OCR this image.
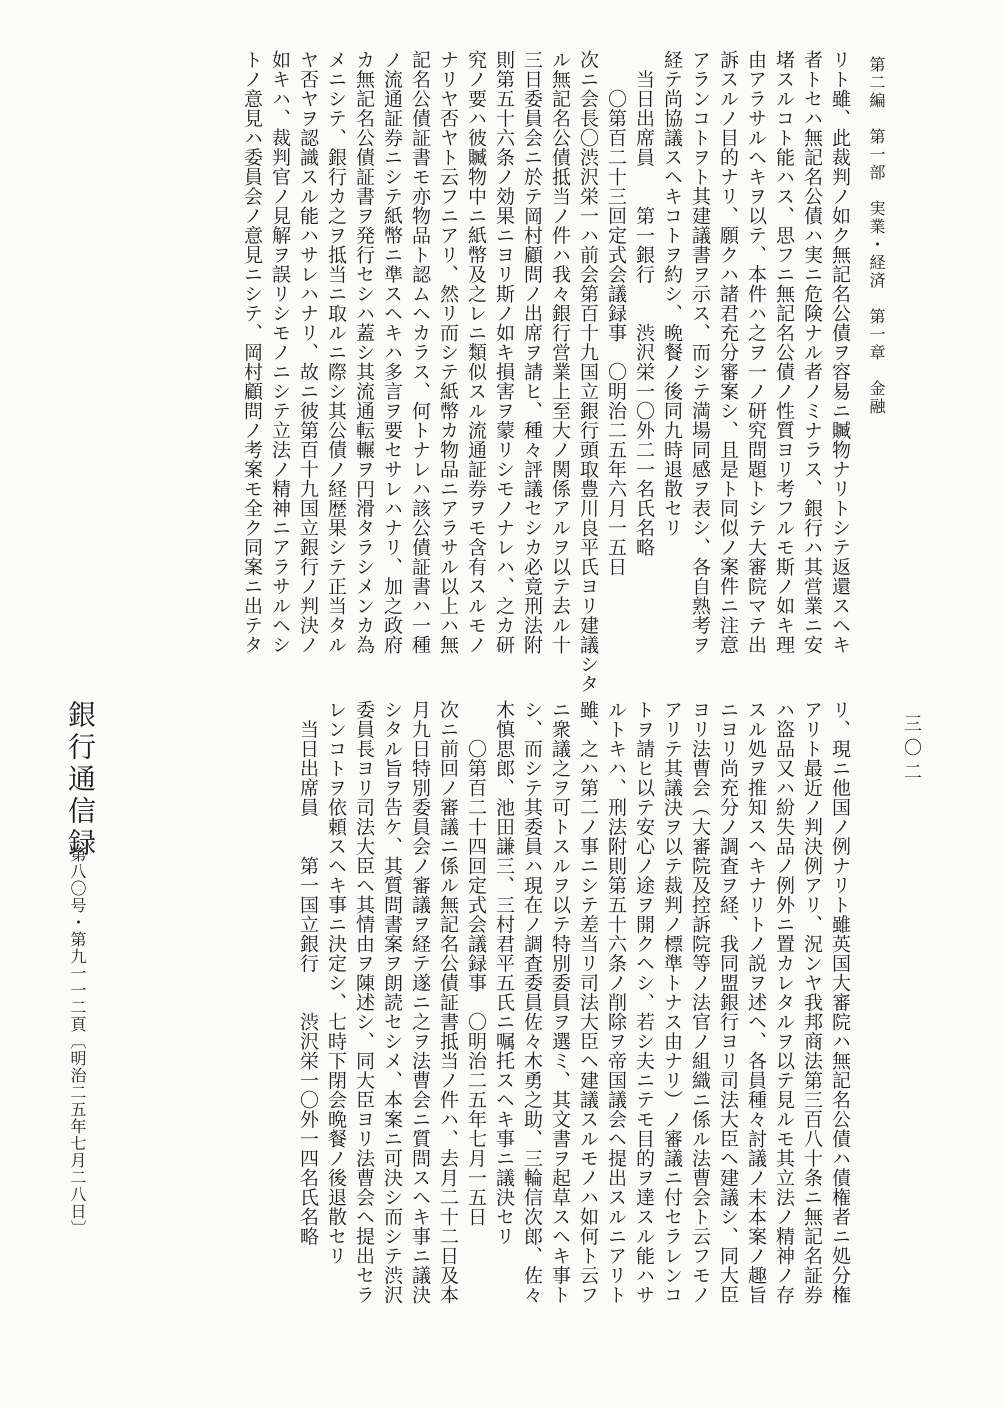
第二編　第一部　実業・経済　第一章　金融
三〇二
リト雖、此裁判ノ如ク無記名公債ヲ容易ニ贓物ナリトシテ返還スヘキ
者トセハ無記名公債ハ実ニ危険ナル者ノミナラス、銀行ハ其営業ニ安
堵スルコト能ハス、思フニ無記名公債ノ性質ヨリ考フルモ斯ノ如キ理
由アラサルヘキヲ以テ、本件ハ之ヲ一ノ研究問題トシテ大審院マテ出
訴スルノ目的ナリ、願クハ諸君充分審案シ、且是ト同似ノ案件ニ注意
アランコトヲト其建議書ヲ示ス、而シテ満場同感ヲ表シ、各自熟考ヲ
経テ尚協議スヘキコトヲ約シ、晩餐ノ後同九時退散セリ
　当日出席員　　第一銀行　　渋沢栄一〇外二一名氏名略
　　〇第百二十三回定式会議録事　〇明治二五年六月一五日
次ニ会長〇渋沢栄一ハ前会第百十九国立銀行頭取豊川良平氏ヨリ建議シタ
ル無記名公債抵当ノ件ハ我々銀行営業上至大ノ関係アルヲ以テ去ル十
三日委員会ニ於テ岡村顧問ノ出席ヲ請ヒ、種々評議セシカ必竟刑法附
則第五十六条ノ効果ニヨリ斯ノ如キ損害ヲ蒙リシモノナレハ、之カ研
究ノ要ハ彼贓物中ニ紙幣及之レニ類似スル流通証券ヲモ含有スルモノ
ナリヤ否ヤト云フニアリ、然リ而シテ紙幣カ物品ニアラサル以上ハ無
記名公債証書モ亦物品ト認ムヘカラス、何トナレハ該公債証書ハ一種
ノ流通証券ニシテ紙幣ニ準スヘキハ多言ヲ要セサレハナリ、加之政府
カ無記名公債証書ヲ発行セシハ蓋シ其流通転輾ヲ円滑タラシメンカ為
メニシテ、銀行カ之ヲ抵当ニ取ルニ際シ其公債ノ経歴果シテ正当タル
ヤ否ヤヲ認識スル能ハサレハナリ、故ニ彼第百十九国立銀行ノ判決ノ
如キハ、裁判官ノ見解ヲ誤リシモノニシテ立法ノ精神ニアラサルヘシ
トノ意見ハ委員会ノ意見ニシテ、岡村顧問ノ考案モ全ク同案ニ出テタ
リ、現ニ他国ノ例ナリト雖英国大審院ハ無記名公債ハ債権者ニ処分権
アリト最近ノ判決例アリ、況ンヤ我邦商法第三百八十条ニ無記名証券
ハ盗品又ハ紛失品ノ例外ニ置カレタルヲ以テ見ルモ其立法ノ精神ノ存
スル処ヲ推知スヘキナリトノ説ヲ述ヘ、各員種々討議ノ末本案ノ趣旨
ニヨリ尚充分ノ調査ヲ経、我同盟銀行ヨリ司法大臣ヘ建議シ、同大臣
ヨリ法曹会（大審院及控訴院等ノ法官ノ組織ニ係ル法曹会ト云フモノ
アリテ其議決ヲ以テ裁判ノ標準トナス由ナリ）ノ審議ニ付セラレンコ
トヲ請ヒ以テ安心ノ途ヲ開クヘシ、若シ夫ニテモ目的ヲ達スル能ハサ
ルトキハ、刑法附則第五十六条ノ削除ヲ帝国議会ヘ提出スルニアリト
雖、之ハ第二ノ事ニシテ差当リ司法大臣ヘ建議スルモノハ如何ト云フ
ニ衆議之ヲ可トスルヲ以テ特別委員ヲ選ミ、其文書ヲ起草スヘキ事ト
シ、而シテ其委員ハ現在ノ調査委員佐々木勇之助、三輪信次郎、佐々
木慎思郎、池田謙三、三村君平五氏ニ嘱托スヘキ事ニ議決セリ
　　〇第百二十四回定式会議録事　〇明治二五年七月一五日
次ニ前回ノ審議ニ係ル無記名公債証書抵当ノ件ハ、去月二十二日及本
月九日特別委員会ノ審議ヲ経テ遂ニ之ヲ法曹会ニ質問スヘキ事ニ議決
シタル旨ヲ告ケ、其質問書案ヲ朗読セシメ、本案ニ可決シ而シテ渋沢
委員長ヨリ司法大臣ヘ其情由ヲ陳述シ、同大臣ヨリ法曹会ヘ提出セラ
レンコトヲ依頼スヘキ事ニ決定シ、七時下閉会晩餐ノ後退散セリ
　当日出席員　　第一国立銀行　　渋沢栄一〇外一四名氏名略
銀行通信録
第八〇号・第九一一二頁〔明治二五年七月二八日〕
